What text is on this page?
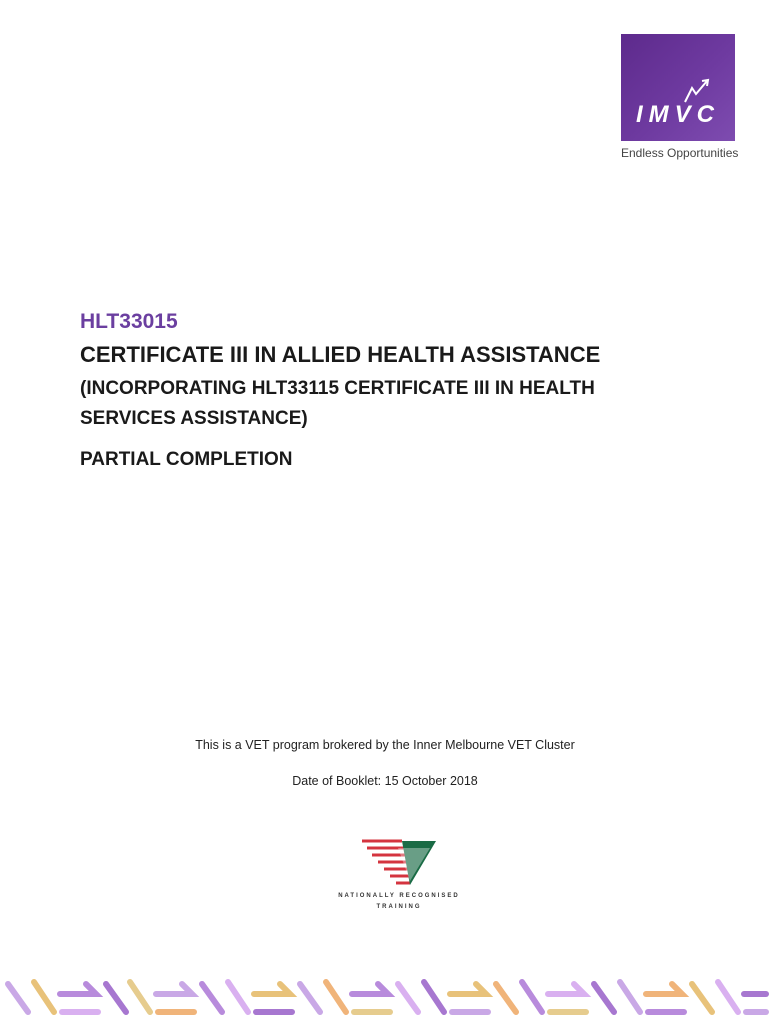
IMVC
Endless Opportunities
HLT33015
CERTIFICATE III IN ALLIED HEALTH ASSISTANCE
(INCORPORATING HLT33115 CERTIFICATE III IN HEALTH
SERVICES ASSISTANCE)
PARTIAL COMPLETION
This is a VET program brokered by the Inner Melbourne VET Cluster
Date of Booklet: 15 October 2018
NATIONALLY RECOGNISED
TRAINING
